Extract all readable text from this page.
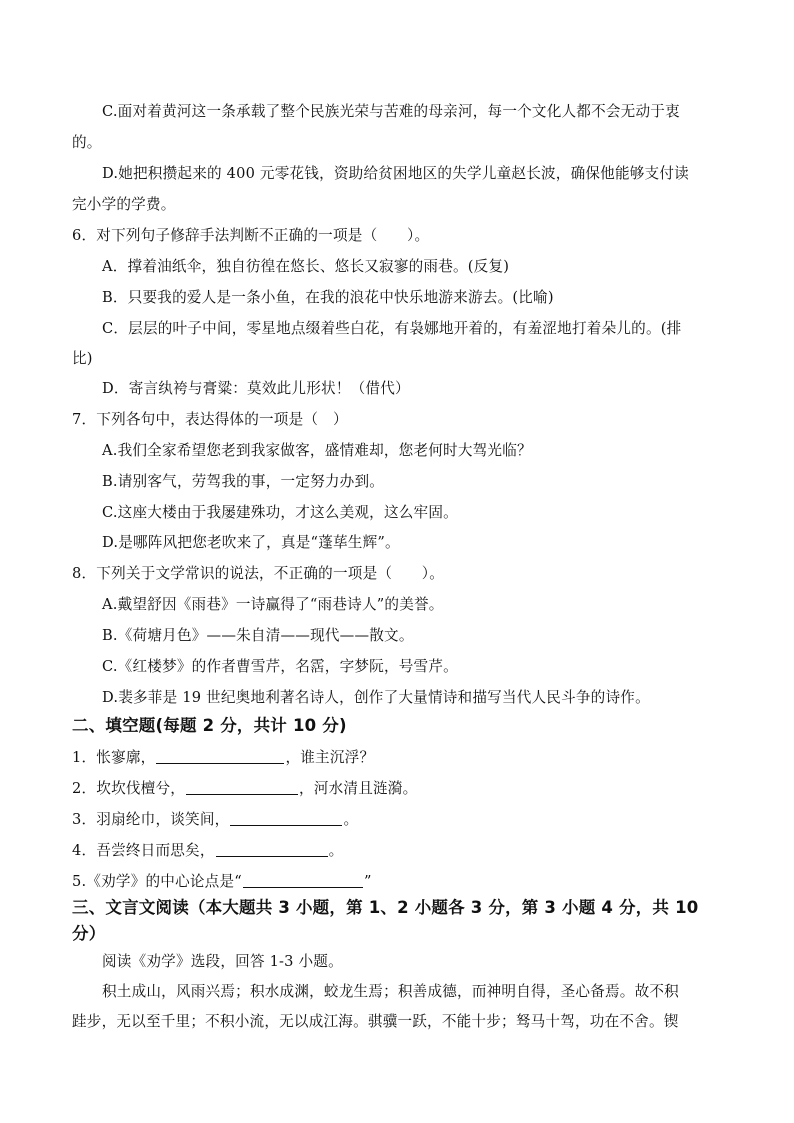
C.面对着黄河这一条承载了整个民族光荣与苦难的母亲河，每一个文化人都不会无动于衷
的。
D.她把积攒起来的 400 元零花钱，资助给贫困地区的失学儿童赵长波，确保他能够支付读
完小学的学费。
6．对下列句子修辞手法判断不正确的一项是（　　）。
A．撑着油纸伞，独自彷徨在悠长、悠长又寂寥的雨巷。(反复)
B．只要我的爱人是一条小鱼，在我的浪花中快乐地游来游去。(比喻)
C．层层的叶子中间，零星地点缀着些白花，有袅娜地开着的，有羞涩地打着朵儿的。(排
比)
D．寄言纨袴与膏粱：莫效此儿形状！（借代）
7．下列各句中，表达得体的一项是（　）
A.我们全家希望您老到我家做客，盛情难却，您老何时大驾光临？
B.请别客气，劳驾我的事，一定努力办到。
C.这座大楼由于我屡建殊功，才这么美观，这么牢固。
D.是哪阵风把您老吹来了，真是“蓬荜生辉”。
8．下列关于文学常识的说法，不正确的一项是（　　）。
A.戴望舒因《雨巷》一诗赢得了“雨巷诗人”的美誉。
B.《荷塘月色》——朱自清——现代——散文。
C.《红楼梦》的作者曹雪芹，名霑，字梦阮，号雪芹。
D.裴多菲是 19 世纪奥地利著名诗人，创作了大量情诗和描写当代人民斗争的诗作。
二、填空题(每题 2 分，共计 10 分)
1．怅寥廓，	，谁主沉浮？
2．坎坎伐檀兮，	，河水清且涟漪。
3．羽扇纶巾，谈笑间，	。
4．吾尝终日而思矣，	。
5.《劝学》的中心论点是“	”
三、文言文阅读（本大题共 3 小题，第 1、2 小题各 3 分，第 3 小题 4 分，共 10
分）
阅读《劝学》选段，回答 1-3 小题。
积土成山，风雨兴焉；积水成渊，蛟龙生焉；积善成德，而神明自得，圣心备焉。故不积
跬步，无以至千里；不积小流，无以成江海。骐骥一跃，不能十步；驽马十驾，功在不舍。锲
